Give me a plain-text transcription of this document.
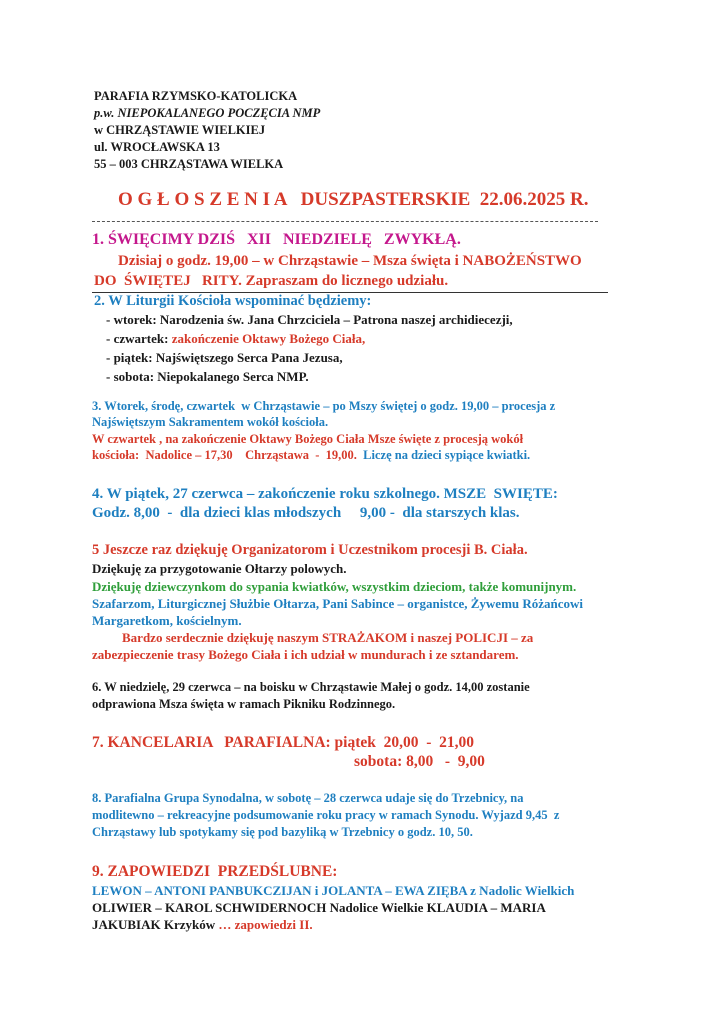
PARAFIA RZYMSKO-KATOLICKA
p.w. NIEPOKALANEGO POCZĘCIA NMP
w CHRZĄSTAWIE WIELKIEJ
ul. WROCŁAWSKA 13
55 – 003 CHRZĄSTAWA WIELKA
O G Ł O S Z E N I A   DUSZPASTERSKIE  22.06.2025 R.
1. ŚWIĘCIMY DZIŚ   XII   NIEDZIELĘ   ZWYKŁĄ.
Dzisiaj o godz. 19,00 – w Chrząstawie – Msza święta i NABOŻEŃSTWO
DO  ŚWIĘTEJ   RITY. Zapraszam do licznego udziału.
2. W Liturgii Kościoła wspominać będziemy:
- wtorek: Narodzenia św. Jana Chrzciciela – Patrona naszej archidiecezji,
- czwartek: zakończenie Oktawy Bożego Ciała,
- piątek: Najświętszego Serca Pana Jezusa,
- sobota: Niepokalanego Serca NMP.
3. Wtorek, środę, czwartek  w Chrząstawie – po Mszy świętej o godz. 19,00 – procesja z
Najświętszym Sakramentem wokół kościoła.
W czwartek , na zakończenie Oktawy Bożego Ciała Msze święte z procesją wokół
kościoła:  Nadolice – 17,30    Chrząstawa  -  19,00.  Liczę na dzieci sypiące kwiatki.
4. W piątek, 27 czerwca – zakończenie roku szkolnego. MSZE  SWIĘTE:
Godz. 8,00  -  dla dzieci klas młodszych     9,00 -  dla starszych klas.
5 Jeszcze raz dziękuję Organizatorom i Uczestnikom procesji B. Ciała.
Dziękuję za przygotowanie Ołtarzy polowych.
Dziękuję dziewczynkom do sypania kwiatków, wszystkim dzieciom, także komunijnym.
Szafarzom, Liturgicznej Służbie Ołtarza, Pani Sabince – organistce, Żywemu Różańcowi
Margaretkom, kościelnym.
Bardzo serdecznie dziękuję naszym STRAŻAKOM i naszej POLICJI – za
zabezpieczenie trasy Bożego Ciała i ich udział w mundurach i ze sztandarem.
6. W niedzielę, 29 czerwca – na boisku w Chrząstawie Małej o godz. 14,00 zostanie
odprawiona Msza święta w ramach Pikniku Rodzinnego.
7. KANCELARIA   PARAFIALNA: piątek  20,00  -  21,00
sobota: 8,00   -  9,00
8. Parafialna Grupa Synodalna, w sobotę – 28 czerwca udaje się do Trzebnicy, na
modlitewno – rekreacyjne podsumowanie roku pracy w ramach Synodu. Wyjazd 9,45  z
Chrząstawy lub spotykamy się pod bazyliką w Trzebnicy o godz. 10, 50.
9. ZAPOWIEDZI  PRZEDŚLUBNE:
LEWON – ANTONI PANBUKCZIJAN i JOLANTA – EWA ZIĘBA z Nadolic Wielkich
OLIWIER – KAROL SCHWIDERNOCH Nadolice Wielkie KLAUDIA – MARIA
JAKUBIAK Krzyków … zapowiedzi II.
